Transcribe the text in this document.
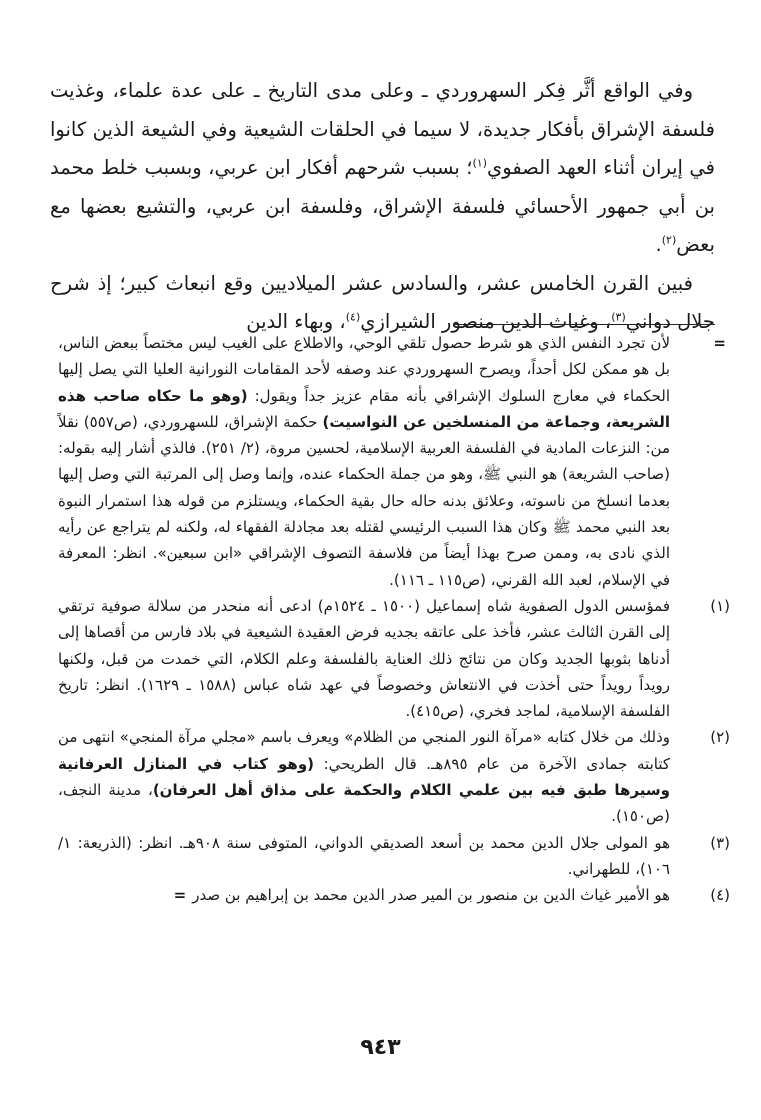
وفي الواقع أثَّر فِكر السهروردي ـ وعلى مدى التاريخ ـ على عدة علماء، وغذيت فلسفة الإشراق بأفكار جديدة، لا سيما في الحلقات الشيعية وفي الشيعة الذين كانوا في إيران أثناء العهد الصفوي$^{(١)}$؛ بسبب شرحهم أفكار ابن عربي، وبسبب خلط محمد بن أبي جمهور الأحسائي فلسفة الإشراق، وفلسفة ابن عربي، والتشيع بعضها مع بعض$^{(٢)}$.

فبين القرن الخامس عشر، والسادس عشر الميلاديين وقع انبعاث كبير؛ إذ شرح جلال دواني$^{(٣)}$، وغياث الدين منصور الشيرازي$^{(٤)}$، وبهاء الدين

=
لأن تجرد النفس الذي هو شرط حصول تلقي الوحي، والاطلاع على الغيب ليس مختصاً ببعض الناس، بل هو ممكن لكل أحداً، ويصرح السهروردي عند وصفه لأحد المقامات النورانية العليا التي يصل إليها الحكماء في معارج السلوك الإشراقي بأنه مقام عزيز جداً ويقول: (وهو ما حكاه صاحب هذه الشريعة، وجماعة من المنسلخين عن النواسيت) حكمة الإشراق، للسهروردي، (ص٥٥٧) نقلاً من: النزعات المادية في الفلسفة العربية الإسلامية، لحسين مروة، (٢/ ٢٥١). فالذي أشار إليه بقوله: (صاحب الشريعة) هو النبي ﷺ، وهو من جملة الحكماء عنده، وإنما وصل إلى المرتبة التي وصل إليها بعدما انسلخ من ناسوته، وعلائق بدنه حاله حال بقية الحكماء، ويستلزم من قوله هذا استمرار النبوة بعد النبي محمد ﷺ وكان هذا السبب الرئيسي لقتله بعد مجادلة الفقهاء له، ولكنه لم يتراجع عن رأيه الذي نادى به، وممن صرح بهذا أيضاً من فلاسفة التصوف الإشراقي «ابن سبعين». انظر: المعرفة في الإسلام، لعبد الله القرني، (ص١١٥ ـ ١١٦).
(١)
فمؤسس الدول الصفوية شاه إسماعيل (١٥٠٠ ـ ١٥٢٤م) ادعى أنه منحدر من سلالة صوفية ترتقي إلى القرن الثالث عشر، فأخذ على عاتقه بجديه فرض العقيدة الشيعية في بلاد فارس من أقصاها إلى أدناها بثوبها الجديد وكان من نتائج ذلك العناية بالفلسفة وعلم الكلام، التي خمدت من قبل، ولكنها رويداً رويداً حتى أخذت في الانتعاش وخصوصاً في عهد شاه عباس (١٥٨٨ ـ ١٦٢٩). انظر: تاريخ الفلسفة الإسلامية، لماجد فخري، (ص٤١٥).
(٢)
وذلك من خلال كتابه «مرآة النور المنجي من الظلام» ويعرف باسم «مجلي مرآة المنجي» انتهى من كتابته جمادى الآخرة من عام ٨٩٥هـ. قال الطريحي: (وهو كتاب في المنازل العرفانية وسيرها طبق فيه بين علمي الكلام والحكمة على مذاق أهل العرفان)، مدينة النجف، (ص١٥٠).
(٣)
هو المولى جلال الدين محمد بن أسعد الصديقي الدواني، المتوفى سنة ٩٠٨هـ. انظر: (الذريعة: ١/ ١٠٦)، للطهراني.
(٤)
هو الأمير غياث الدين بن منصور بن المير صدر الدين محمد بن إبراهيم بن صدر=
٩٤٣
